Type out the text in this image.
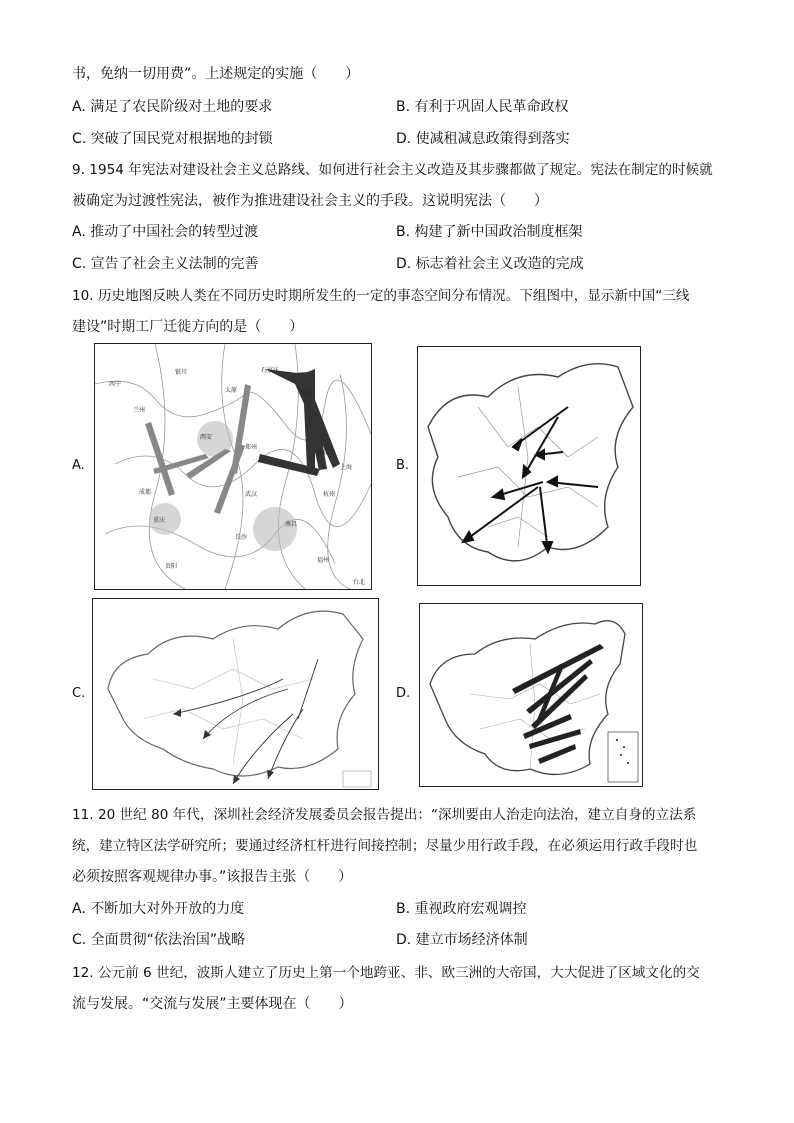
书，免纳一切用费”。上述规定的实施（　　）
A. 满足了农民阶级对土地的要求	B. 有利于巩固人民革命政权
C. 突破了国民党对根据地的封锁	D. 使减租减息政策得到落实
9. 1954 年宪法对建设社会主义总路线、如何进行社会主义改造及其步骤都做了规定。宪法在制定的时候就
被确定为过渡性宪法，被作为推进建设社会主义的手段。这说明宪法（　　）
A. 推动了中国社会的转型过渡	B. 构建了新中国政治制度框架
C. 宣告了社会主义法制的完善	D. 标志着社会主义改造的完成
10. 历史地图反映人类在不同历史时期所发生的一定的事态空间分布情况。下组图中，显示新中国“三线
建设”时期工厂迁徙方向的是（　　）
A.	B.
C.	D.
西宁
兰州
银川
西安
太原
石家庄
济南
南京
上海
杭州
武汉
长沙
南昌
福州
成都
重庆
贵阳
郑州
台北
11. 20 世纪 80 年代，深圳社会经济发展委员会报告提出：“深圳要由人治走向法治，建立自身的立法系
统，建立特区法学研究所；要通过经济杠杆进行间接控制；尽量少用行政手段，在必须运用行政手段时也
必须按照客观规律办事。”该报告主张（　　）
A. 不断加大对外开放的力度	B. 重视政府宏观调控
C. 全面贯彻“依法治国”战略	D. 建立市场经济体制
12. 公元前 6 世纪，波斯人建立了历史上第一个地跨亚、非、欧三洲的大帝国，大大促进了区域文化的交
流与发展。“交流与发展”主要体现在（　　）
